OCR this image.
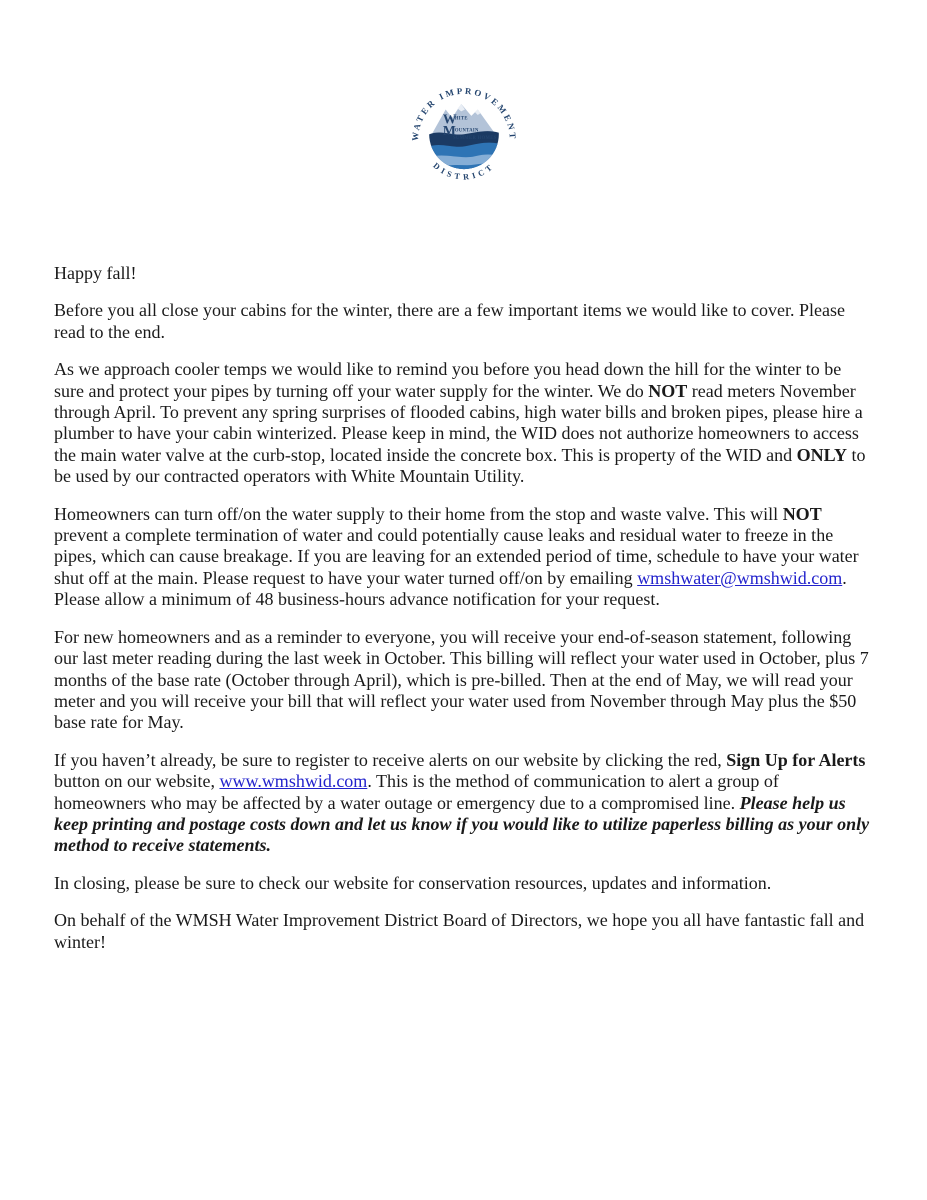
WATER IMPROVEMENT
W
HITE
M
OUNTAIN
SUMMER HOMES
DISTRICT

Happy fall!

Before you all close your cabins for the winter, there are a few important items we would like to cover. Please read to the end.

As we approach cooler temps we would like to remind you before you head down the hill for the winter to be sure and protect your pipes by turning off your water supply for the winter. We do NOT read meters November through April. To prevent any spring surprises of flooded cabins, high water bills and broken pipes, please hire a plumber to have your cabin winterized. Please keep in mind, the WID does not authorize homeowners to access the main water valve at the curb-stop, located inside the concrete box. This is property of the WID and ONLY to be used by our contracted operators with White Mountain Utility.

Homeowners can turn off/on the water supply to their home from the stop and waste valve. This will NOT prevent a complete termination of water and could potentially cause leaks and residual water to freeze in the pipes, which can cause breakage. If you are leaving for an extended period of time, schedule to have your water shut off at the main. Please request to have your water turned off/on by emailing wmshwater@wmshwid.com. Please allow a minimum of 48 business-hours advance notification for your request.

For new homeowners and as a reminder to everyone, you will receive your end-of-season statement, following our last meter reading during the last week in October. This billing will reflect your water used in October, plus 7 months of the base rate (October through April), which is pre-billed. Then at the end of May, we will read your meter and you will receive your bill that will reflect your water used from November through May plus the $50 base rate for May.

If you haven’t already, be sure to register to receive alerts on our website by clicking the red, Sign Up for Alerts button on our website, www.wmshwid.com. This is the method of communication to alert a group of homeowners who may be affected by a water outage or emergency due to a compromised line. Please help us keep printing and postage costs down and let us know if you would like to utilize paperless billing as your only method to receive statements.

In closing, please be sure to check our website for conservation resources, updates and information.

On behalf of the WMSH Water Improvement District Board of Directors, we hope you all have fantastic fall and winter!
